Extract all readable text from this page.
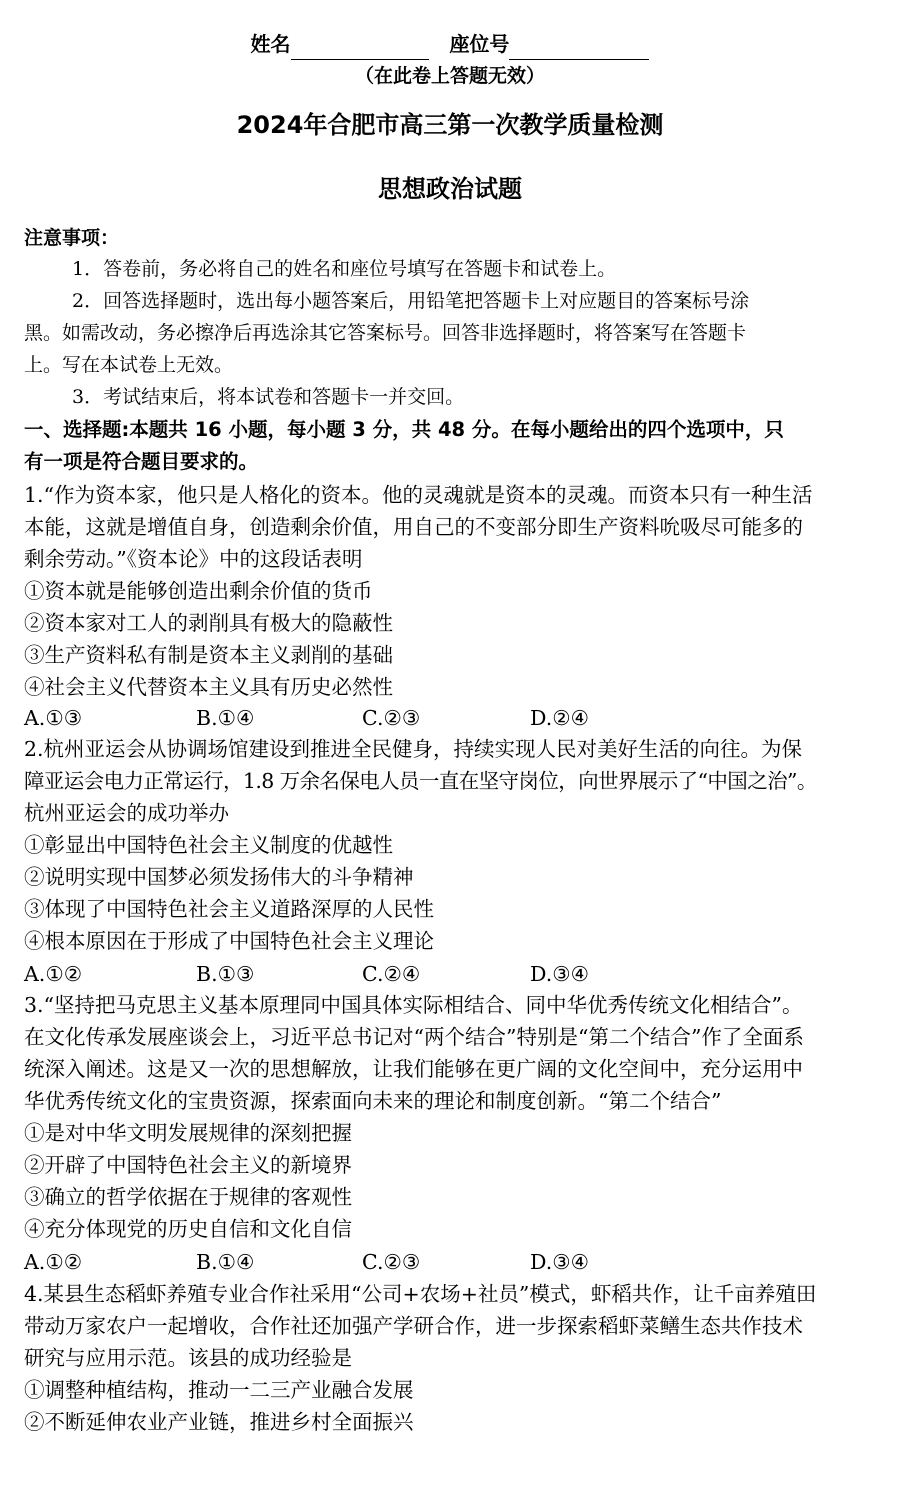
姓名	座位号
（在此卷上答题无效）
2024年合肥市高三第一次教学质量检测
思想政治试题
注意事项：
1．答卷前，务必将自己的姓名和座位号填写在答题卡和试卷上。
2．回答选择题时，选出每小题答案后，用铅笔把答题卡上对应题目的答案标号涂
黑。如需改动，务必擦净后再选涂其它答案标号。回答非选择题时，将答案写在答题卡
上。写在本试卷上无效。
3．考试结束后，将本试卷和答题卡一并交回。
一、选择题:本题共 16 小题，每小题 3 分，共 48 分。在每小题给出的四个选项中，只
有一项是符合题目要求的。
1.“作为资本家，他只是人格化的资本。他的灵魂就是资本的灵魂。而资本只有一种生活
本能，这就是增值自身，创造剩余价值，用自己的不变部分即生产资料吮吸尽可能多的
剩余劳动。”《资本论》中的这段话表明
①资本就是能够创造出剩余价值的货币
②资本家对工人的剥削具有极大的隐蔽性
③生产资料私有制是资本主义剥削的基础
④社会主义代替资本主义具有历史必然性
A.①③	B.①④	C.②③	D.②④
2.杭州亚运会从协调场馆建设到推进全民健身，持续实现人民对美好生活的向往。为保
障亚运会电力正常运行，1.8 万余名保电人员一直在坚守岗位，向世界展示了“中国之治”。
杭州亚运会的成功举办
①彰显出中国特色社会主义制度的优越性
②说明实现中国梦必须发扬伟大的斗争精神
③体现了中国特色社会主义道路深厚的人民性
④根本原因在于形成了中国特色社会主义理论
A.①②	B.①③	C.②④	D.③④
3.“坚持把马克思主义基本原理同中国具体实际相结合、同中华优秀传统文化相结合”。
在文化传承发展座谈会上，习近平总书记对“两个结合”特别是“第二个结合”作了全面系
统深入阐述。这是又一次的思想解放，让我们能够在更广阔的文化空间中，充分运用中
华优秀传统文化的宝贵资源，探索面向未来的理论和制度创新。“第二个结合”
①是对中华文明发展规律的深刻把握
②开辟了中国特色社会主义的新境界
③确立的哲学依据在于规律的客观性
④充分体现党的历史自信和文化自信
A.①②	B.①④	C.②③	D.③④
4.某县生态稻虾养殖专业合作社采用“公司+农场+社员”模式，虾稻共作，让千亩养殖田
带动万家农户一起增收，合作社还加强产学研合作，进一步探索稻虾菜鳝生态共作技术
研究与应用示范。该县的成功经验是
①调整种植结构，推动一二三产业融合发展
②不断延伸农业产业链，推进乡村全面振兴
